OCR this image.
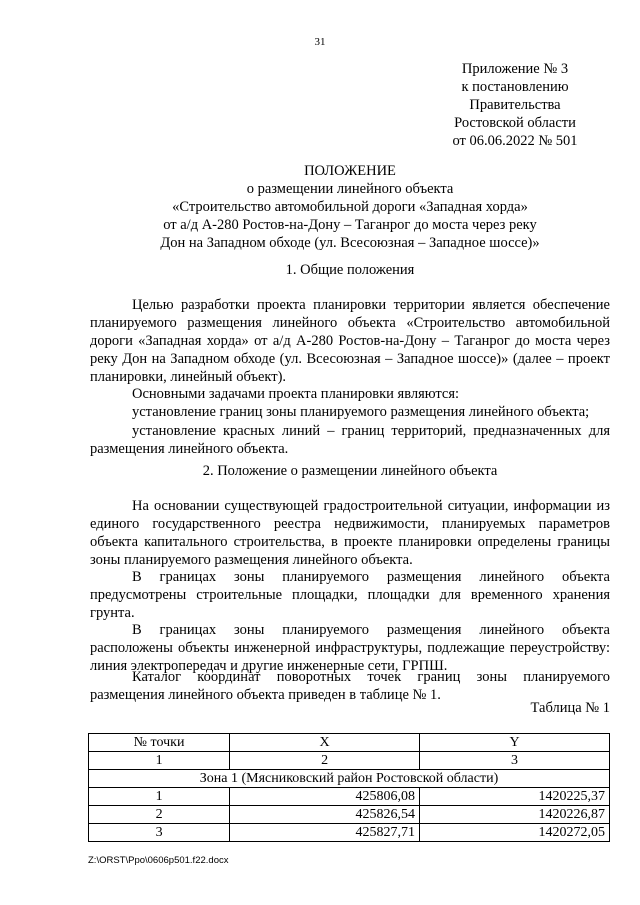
31
Приложение № 3
к постановлению
Правительства
Ростовской области
от 06.06.2022 № 501
ПОЛОЖЕНИЕ
о размещении линейного объекта
«Строительство автомобильной дороги «Западная хорда»
от а/д А-280 Ростов-на-Дону – Таганрог до моста через реку
Дон на Западном обходе (ул. Всесоюзная – Западное шоссе)»
1. Общие положения
Целью разработки проекта планировки территории является обеспечение планируемого размещения линейного объекта «Строительство автомобильной дороги «Западная хорда» от а/д А-280 Ростов-на-Дону – Таганрог до моста через реку Дон на Западном обходе (ул. Всесоюзная – Западное шоссе)» (далее – проект планировки, линейный объект).
Основными задачами проекта планировки являются:
установление границ зоны планируемого размещения линейного объекта;
установление красных линий – границ территорий, предназначенных для размещения линейного объекта.
2. Положение о размещении линейного объекта
На основании существующей градостроительной ситуации, информации из единого государственного реестра недвижимости, планируемых параметров объекта капитального строительства, в проекте планировки определены границы зоны планируемого размещения линейного объекта.
В границах зоны планируемого размещения линейного объекта предусмотрены строительные площадки, площадки для временного хранения грунта.
В границах зоны планируемого размещения линейного объекта расположены объекты инженерной инфраструктуры, подлежащие переустройству: линия электропередач и другие инженерные сети, ГРПШ.
Каталог координат поворотных точек границ зоны планируемого размещения линейного объекта приведен в таблице № 1.
Таблица № 1
№ точки	X	Y
1	2	3
Зона 1 (Мясниковский район Ростовской области)		
1	425806,08	1420225,37
2	425826,54	1420226,87
3	425827,71	1420272,05
Z:\ORST\Ppo\0606p501.f22.docx
